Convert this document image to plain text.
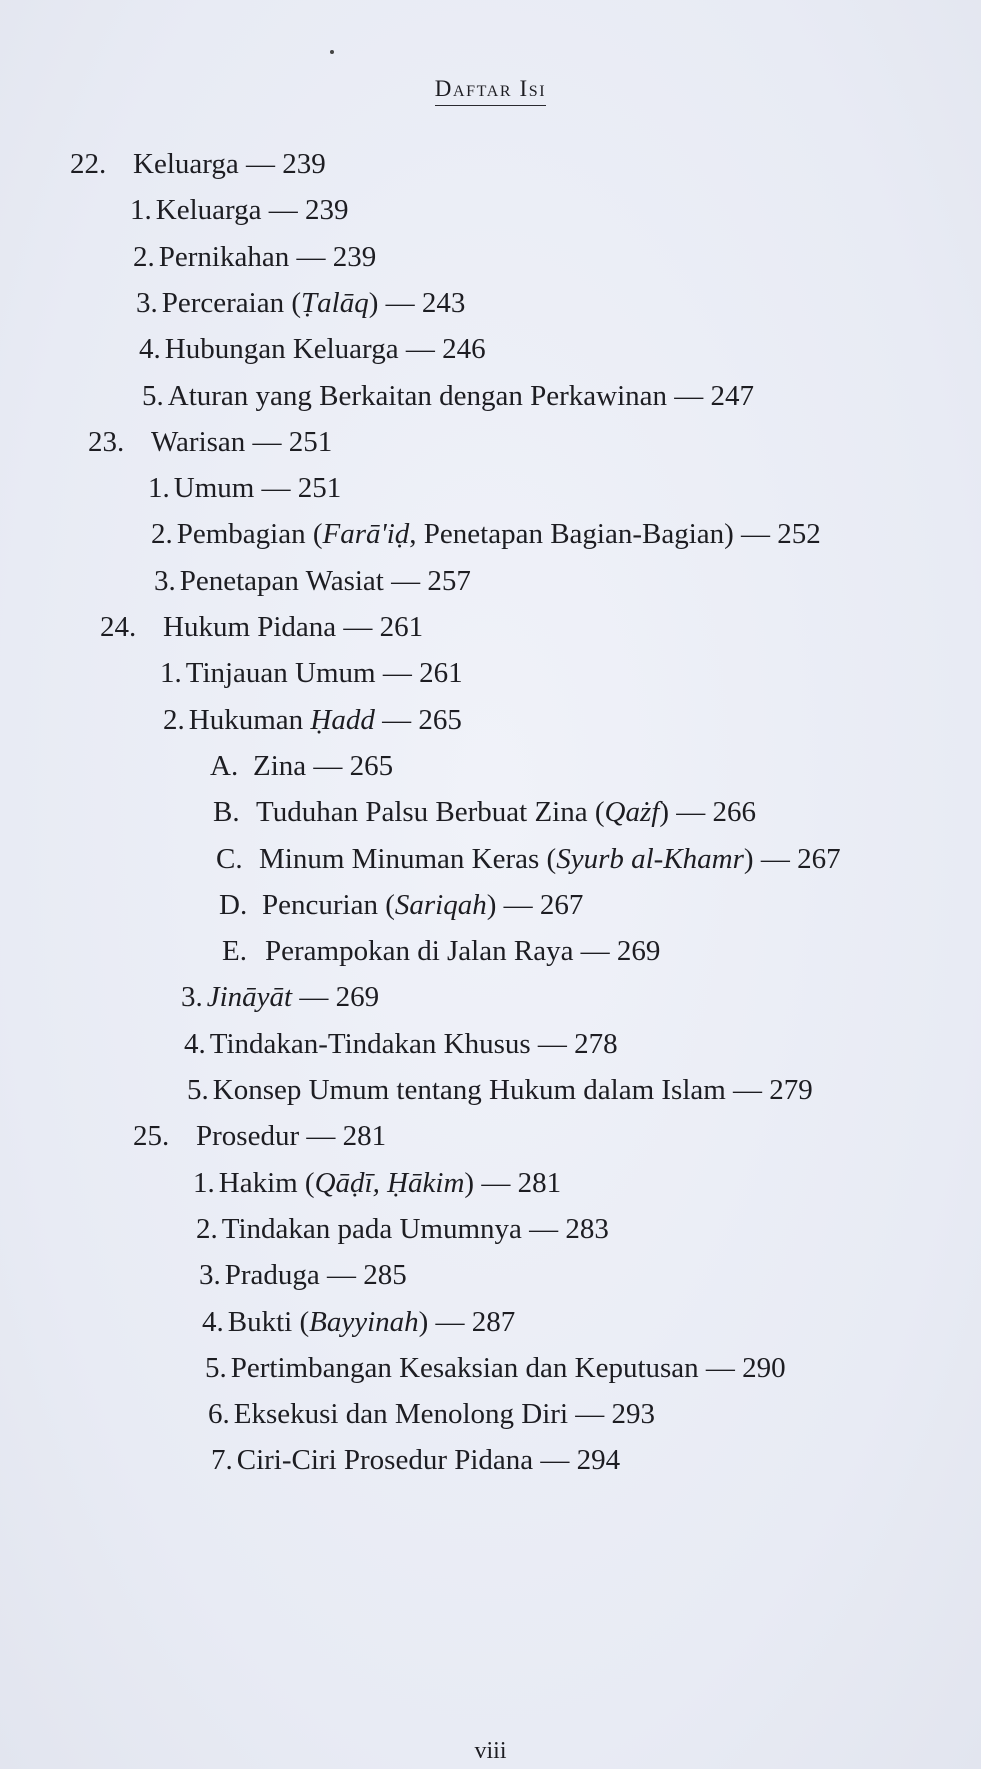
Daftar Isi
22. Keluarga — 239
1. Keluarga — 239
2. Pernikahan — 239
3. Perceraian (Ṭalāq) — 243
4. Hubungan Keluarga — 246
5. Aturan yang Berkaitan dengan Perkawinan — 247
23. Warisan — 251
1. Umum — 251
2. Pembagian (Farā'iḍ, Penetapan Bagian-Bagian) — 252
3. Penetapan Wasiat — 257
24. Hukum Pidana — 261
1. Tinjauan Umum — 261
2. Hukuman Ḥadd — 265
A. Zina — 265
B. Tuduhan Palsu Berbuat Zina (Qażf) — 266
C. Minum Minuman Keras (Syurb al-Khamr) — 267
D. Pencurian (Sariqah) — 267
E. Perampokan di Jalan Raya — 269
3. Jināyāt — 269
4. Tindakan-Tindakan Khusus — 278
5. Konsep Umum tentang Hukum dalam Islam — 279
25. Prosedur — 281
1. Hakim (Qāḍī, Ḥākim) — 281
2. Tindakan pada Umumnya — 283
3. Praduga — 285
4. Bukti (Bayyinah) — 287
5. Pertimbangan Kesaksian dan Keputusan — 290
6. Eksekusi dan Menolong Diri — 293
7. Ciri-Ciri Prosedur Pidana — 294
viii
